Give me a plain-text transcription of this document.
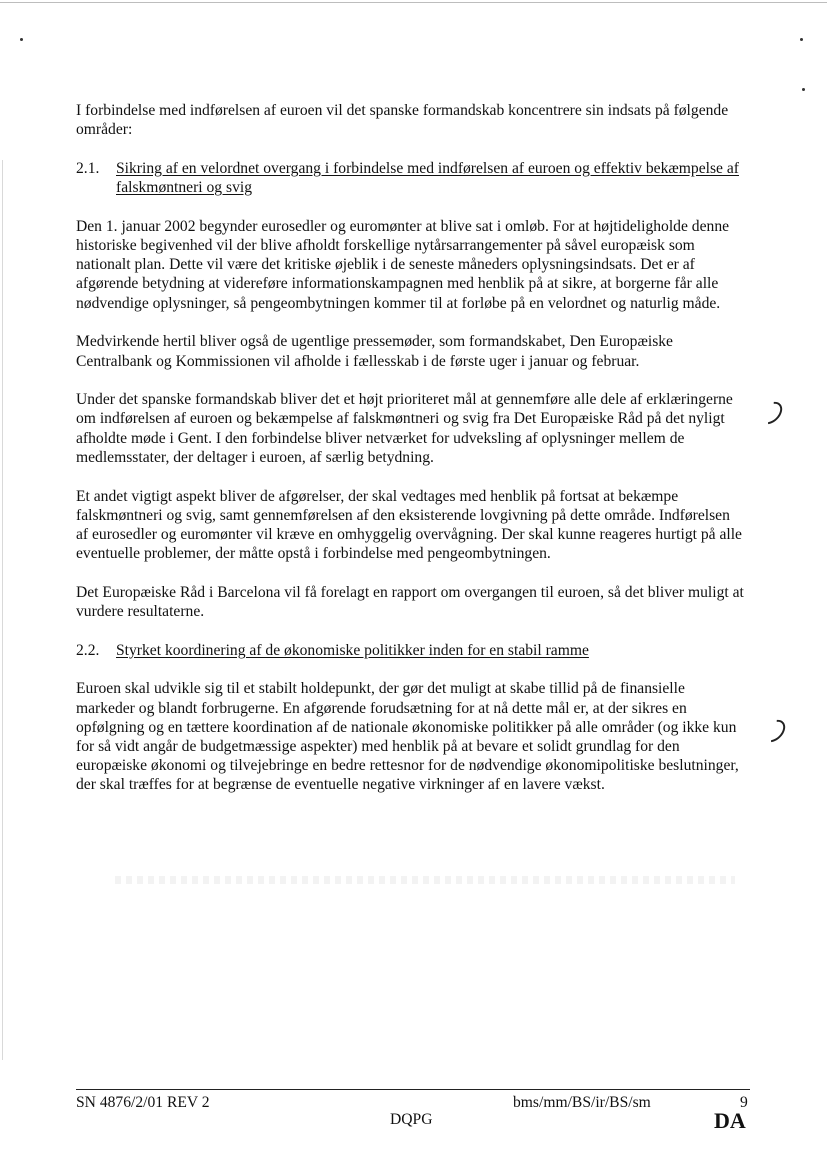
I forbindelse med indførelsen af euroen vil det spanske formandskab koncentrere sin indsats på følgende områder:

2.1.	Sikring af en velordnet overgang i forbindelse med indførelsen af euroen og effektiv bekæmpelse af falskmøntneri og svig

Den 1. januar 2002 begynder eurosedler og euromønter at blive sat i omløb. For at højtideligholde denne historiske begivenhed vil der blive afholdt forskellige nytårsarrangementer på såvel europæisk som nationalt plan. Dette vil være det kritiske øjeblik i de seneste måneders oplysningsindsats. Det er af afgørende betydning at videreføre informationskampagnen med henblik på at sikre, at borgerne får alle nødvendige oplysninger, så pengeombytningen kommer til at forløbe på en velordnet og naturlig måde.

Medvirkende hertil bliver også de ugentlige pressemøder, som formandskabet, Den Europæiske Centralbank og Kommissionen vil afholde i fællesskab i de første uger i januar og februar.

Under det spanske formandskab bliver det et højt prioriteret mål at gennemføre alle dele af erklæringerne om indførelsen af euroen og bekæmpelse af falskmøntneri og svig fra Det Europæiske Råd på det nyligt afholdte møde i Gent. I den forbindelse bliver netværket for udveksling af oplysninger mellem de medlemsstater, der deltager i euroen, af særlig betydning.

Et andet vigtigt aspekt bliver de afgørelser, der skal vedtages med henblik på fortsat at bekæmpe falskmøntneri og svig, samt gennemførelsen af den eksisterende lovgivning på dette område. Indførelsen af eurosedler og euromønter vil kræve en omhyggelig overvågning. Der skal kunne reageres hurtigt på alle eventuelle problemer, der måtte opstå i forbindelse med pengeombytningen.

Det Europæiske Råd i Barcelona vil få forelagt en rapport om overgangen til euroen, så det bliver muligt at vurdere resultaterne.

2.2.	Styrket koordinering af de økonomiske politikker inden for en stabil ramme

Euroen skal udvikle sig til et stabilt holdepunkt, der gør det muligt at skabe tillid på de finansielle markeder og blandt forbrugerne. En afgørende forudsætning for at nå dette mål er, at der sikres en opfølgning og en tættere koordination af de nationale økonomiske politikker på alle områder (og ikke kun for så vidt angår de budgetmæssige aspekter) med henblik på at bevare et solidt grundlag for den europæiske økonomi og tilvejebringe en bedre rettesnor for de nødvendige økonomipolitiske beslutninger, der skal træffes for at begrænse de eventuelle negative virkninger af en lavere vækst.

SN 4876/2/01 REV 2
DQPG
bms/mm/BS/ir/BS/sm	9
DA
